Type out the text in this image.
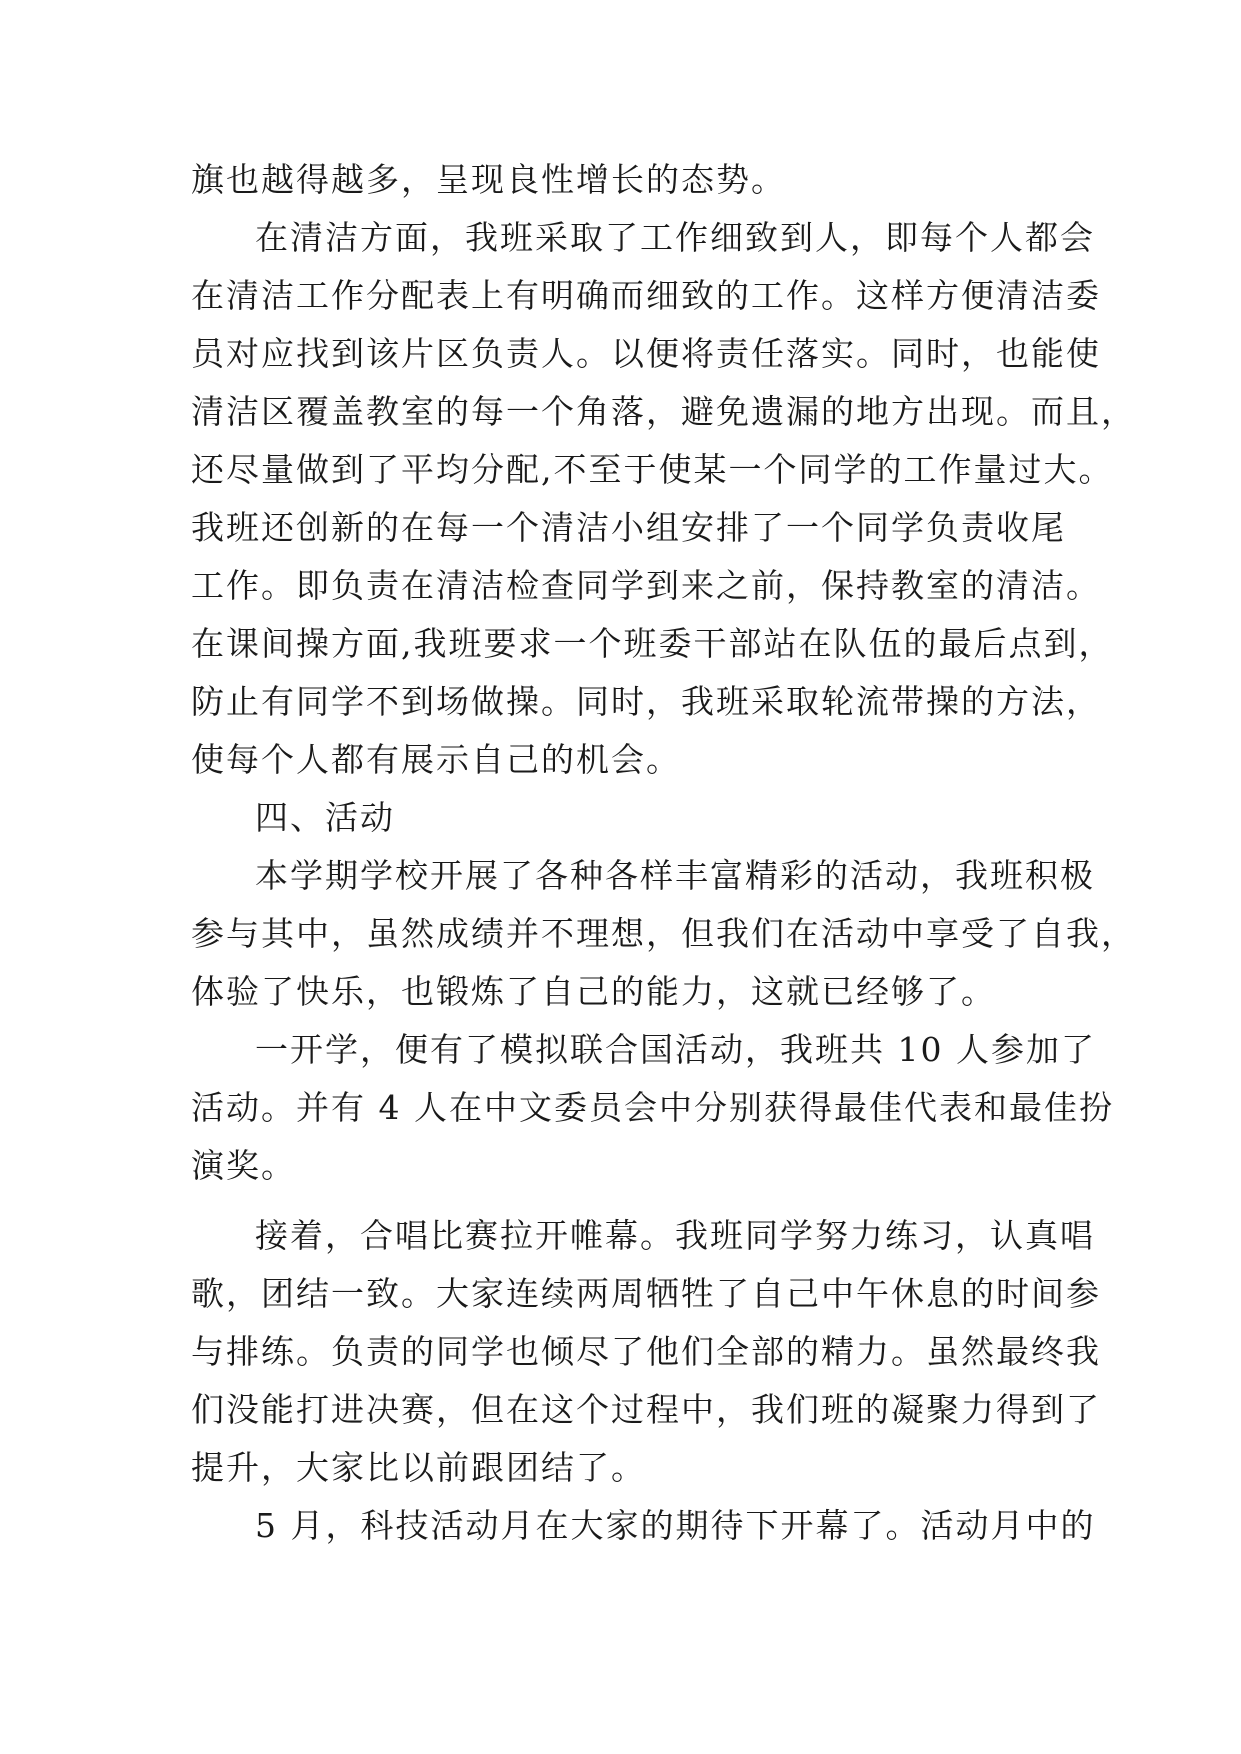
旗也越得越多，呈现良性增长的态势。
在清洁方面，我班采取了工作细致到人，即每个人都会
在清洁工作分配表上有明确而细致的工作。这样方便清洁委
员对应找到该片区负责人。以便将责任落实。同时，也能使
清洁区覆盖教室的每一个角落，避免遗漏的地方出现。而且，
还尽量做到了平均分配,不至于使某一个同学的工作量过大。
我班还创新的在每一个清洁小组安排了一个同学负责收尾
工作。即负责在清洁检查同学到来之前，保持教室的清洁。
在课间操方面,我班要求一个班委干部站在队伍的最后点到，
防止有同学不到场做操。同时，我班采取轮流带操的方法，
使每个人都有展示自己的机会。
四、活动
本学期学校开展了各种各样丰富精彩的活动，我班积极
参与其中，虽然成绩并不理想，但我们在活动中享受了自我，
体验了快乐，也锻炼了自己的能力，这就已经够了。
一开学，便有了模拟联合国活动，我班共 10 人参加了
活动。并有 4 人在中文委员会中分别获得最佳代表和最佳扮
演奖。
接着，合唱比赛拉开帷幕。我班同学努力练习，认真唱
歌，团结一致。大家连续两周牺牲了自己中午休息的时间参
与排练。负责的同学也倾尽了他们全部的精力。虽然最终我
们没能打进决赛，但在这个过程中，我们班的凝聚力得到了
提升，大家比以前跟团结了。
5 月，科技活动月在大家的期待下开幕了。活动月中的
